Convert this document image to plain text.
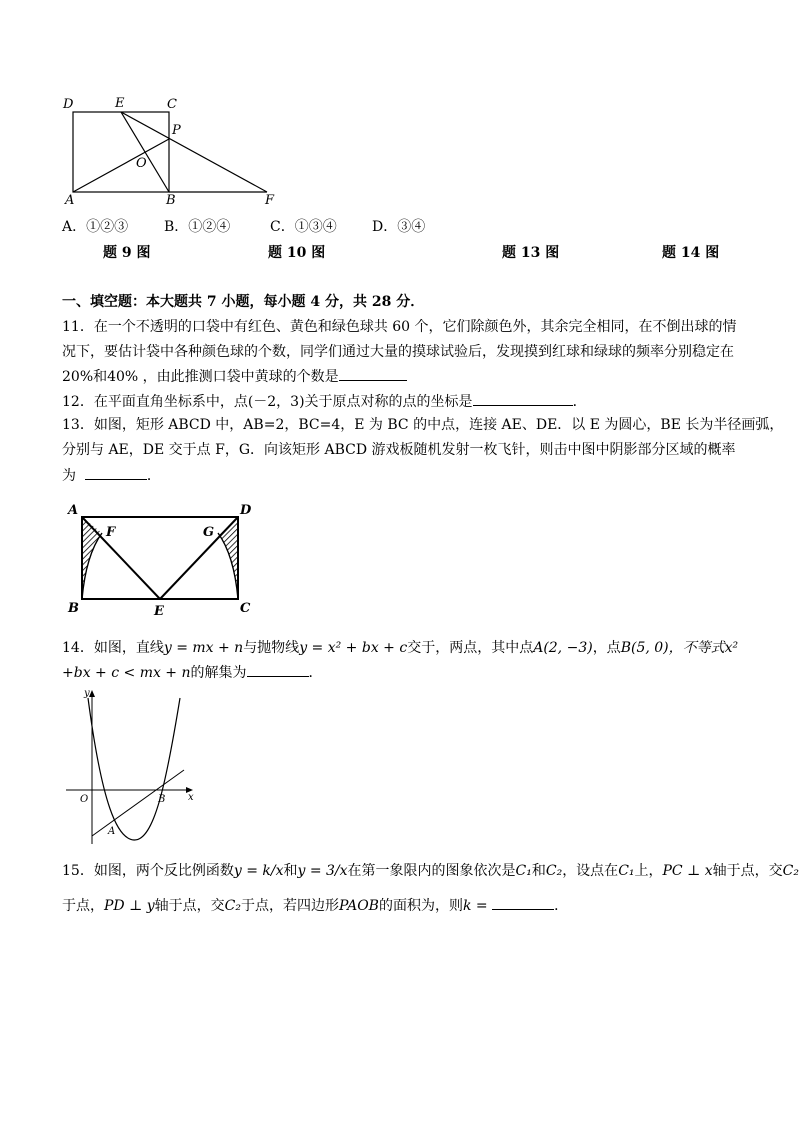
D	E	C
P
O
A	B	F
A．①②③	B．①②④	C．①③④	D．③④
题 9 图	题 10 图	题 13 图	题 14 图
一、填空题：本大题共 7 小题，每小题 4 分，共 28 分．
11．在一个不透明的口袋中有红色、黄色和绿色球共 60 个，它们除颜色外，其余完全相同，在不倒出球的情
况下，要估计袋中各种颜色球的个数，同学们通过大量的摸球试验后，发现摸到红球和绿球的频率分别稳定在
20%和40% ，由此推测口袋中黄球的个数是
12．在平面直角坐标系中，点(－2，3)关于原点对称的点的坐标是	．
13．如图，矩形 ABCD 中，AB=2，BC=4，E 为 BC 的中点，连接 AE、DE．以 E 为圆心，BE 长为半径画弧，
分别与 AE，DE 交于点 F，G．向该矩形 ABCD 游戏板随机发射一枚飞针，则击中图中阴影部分区域的概率
为	．
A	D
F	G
B	E	C
14．如图，直线y = mx + n与抛物线y = x² + bx + c交于，两点，其中点A(2, −3)，点B(5, 0)，不等式x²
+bx + c < mx + n的解集为	．
y
x
O
A
B
15．如图，两个反比例函数y = k/x和y = 3/x在第一象限内的图象依次是C₁和C₂，设点在C₁上，PC ⊥ x轴于点，交C₂
于点，PD ⊥ y轴于点，交C₂于点，若四边形PAOB的面积为，则k =	．
